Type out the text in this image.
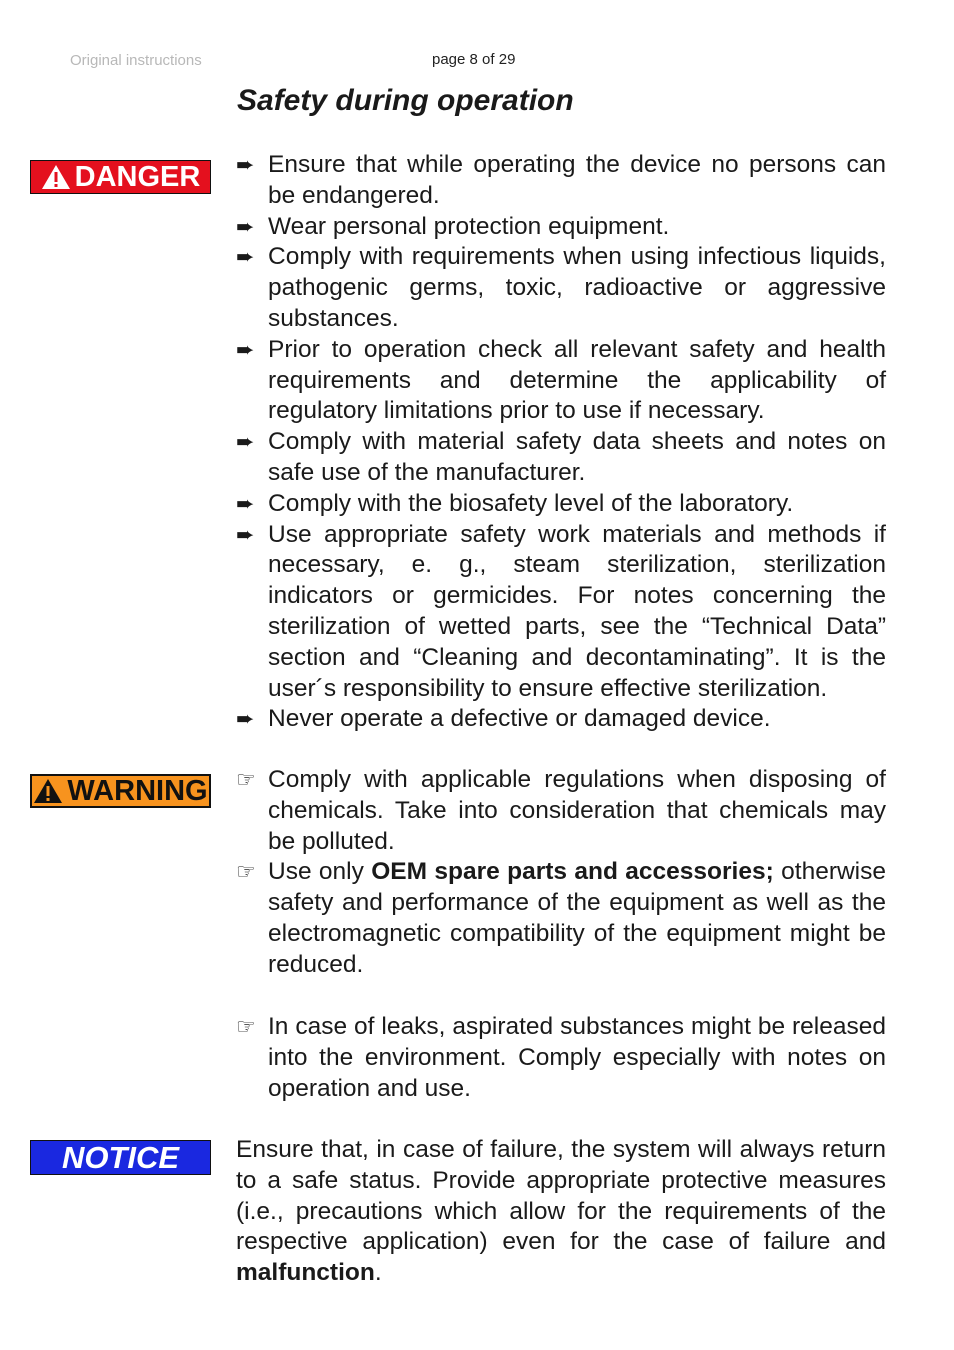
Original instructions	page 8 of 29
Safety during operation
DANGER ➨ Ensure that while operating the device no persons can be endangered.
➨ Wear personal protection equipment.
➨ Comply with requirements when using infectious liquids, pathogenic germs, toxic, radioactive or aggressive substances.
➨ Prior to operation check all relevant safety and health requirements and determine the applicability of regulatory limitations prior to use if necessary.
➨ Comply with material safety data sheets and notes on safe use of the manufacturer.
➨ Comply with the biosafety level of the laboratory.
➨ Use appropriate safety work materials and methods if necessary, e. g., steam sterilization, sterilization indicators or germicides. For notes concerning the sterilization of wetted parts, see the “Technical Data” section and “Cleaning and decontaminating”. It is the user´s responsibility to ensure effective sterilization.
➨ Never operate a defective or damaged device.
WARNING ☞ Comply with applicable regulations when disposing of chemicals. Take into consideration that chemicals may be polluted.
☞ Use only OEM spare parts and accessories; otherwise safety and performance of the equipment as well as the electromagnetic compatibility of the equipment might be reduced.
☞ In case of leaks, aspirated substances might be released into the environment. Comply especially with notes on operation and use.
NOTICE Ensure that, in case of failure, the system will always return to a safe status. Provide appropriate protective measures (i.e., precautions which allow for the requirements of the respective application) even for the case of failure and malfunction.
